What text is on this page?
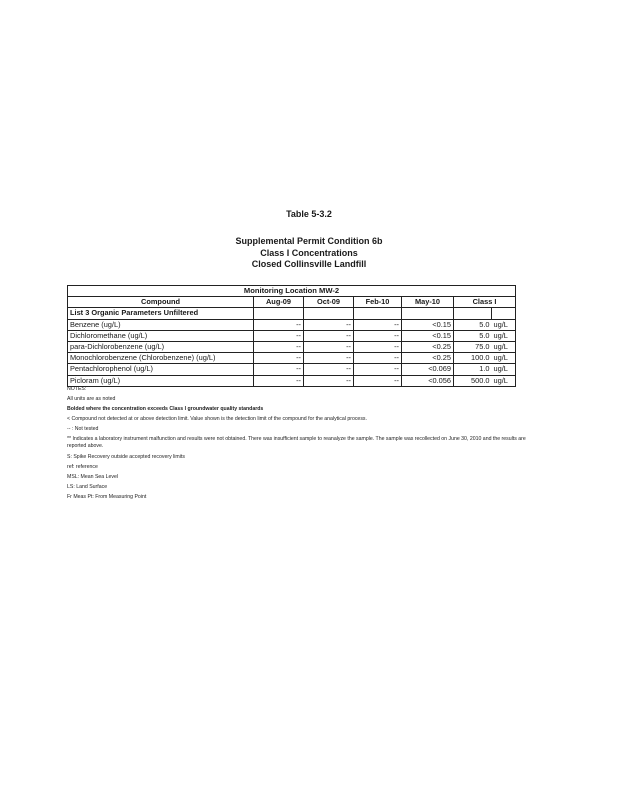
Table 5-3.2
Supplemental Permit Condition 6b
Class I Concentrations
Closed Collinsville Landfill
Monitoring Location MW-2						
Compound	Aug-09	Oct-09	Feb-10	May-10	Class I	
List 3 Organic Parameters Unfiltered						
Benzene (ug/L)	--	--	--	<0.15	5.0	ug/L
Dichloromethane (ug/L)	--	--	--	<0.15	5.0	ug/L
para-Dichlorobenzene (ug/L)	--	--	--	<0.25	75.0	ug/L
Monochlorobenzene (Chlorobenzene) (ug/L)	--	--	--	<0.25	100.0	ug/L
Pentachlorophenol (ug/L)	--	--	--	<0.069	1.0	ug/L
Picloram (ug/L)	--	--	--	<0.056	500.0	ug/L
NOTES:
All units are as noted
Bolded where the concentration exceeds Class I groundwater quality standards
< Compound not detected at or above detection limit. Value shown is the detection limit of the compound for the analytical process.
-- : Not tested
** Indicates a laboratory instrument malfunction and results were not obtained. There was insufficient sample to reanalyze the sample. The sample was recollected on June 30, 2010 and the results are reported above.
S: Spike Recovery outside accepted recovery limits
ref: reference
MSL: Mean Sea Level
LS: Land Surface
Fr Meas Pt: From Measuring Point
